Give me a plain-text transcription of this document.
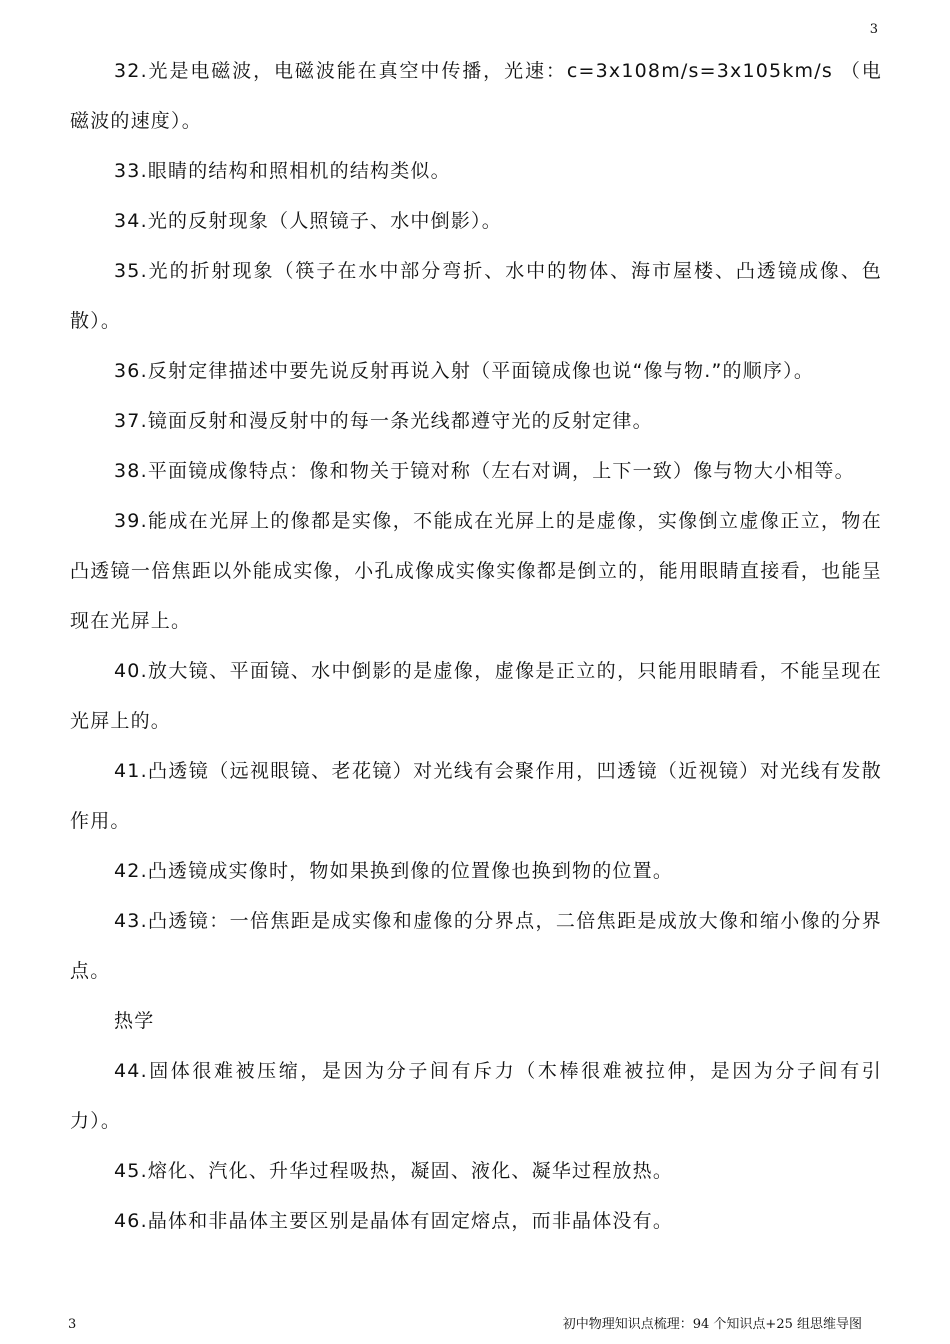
3

32.光是电磁波，电磁波能在真空中传播，光速：c=3x108m/s=3x105km/s （电磁波的速度）。

33.眼睛的结构和照相机的结构类似。

34.光的反射现象（人照镜子、水中倒影）。

35.光的折射现象（筷子在水中部分弯折、水中的物体、海市屋楼、凸透镜成像、色散）。

36.反射定律描述中要先说反射再说入射（平面镜成像也说“像与物.”的顺序）。

37.镜面反射和漫反射中的每一条光线都遵守光的反射定律。

38.平面镜成像特点：像和物关于镜对称（左右对调，上下一致）像与物大小相等。

39.能成在光屏上的像都是实像，不能成在光屏上的是虚像，实像倒立虚像正立，物在凸透镜一倍焦距以外能成实像，小孔成像成实像实像都是倒立的，能用眼睛直接看，也能呈现在光屏上。

40.放大镜、平面镜、水中倒影的是虚像，虚像是正立的，只能用眼睛看，不能呈现在光屏上的。

41.凸透镜（远视眼镜、老花镜）对光线有会聚作用，凹透镜（近视镜）对光线有发散作用。

42.凸透镜成实像时，物如果换到像的位置像也换到物的位置。

43.凸透镜：一倍焦距是成实像和虚像的分界点，二倍焦距是成放大像和缩小像的分界点。

热学

44.固体很难被压缩，是因为分子间有斥力（木棒很难被拉伸，是因为分子间有引力）。

45.熔化、汽化、升华过程吸热，凝固、液化、凝华过程放热。

46.晶体和非晶体主要区别是晶体有固定熔点，而非晶体没有。

3	初中物理知识点梳理：94 个知识点+25 组思维导图
